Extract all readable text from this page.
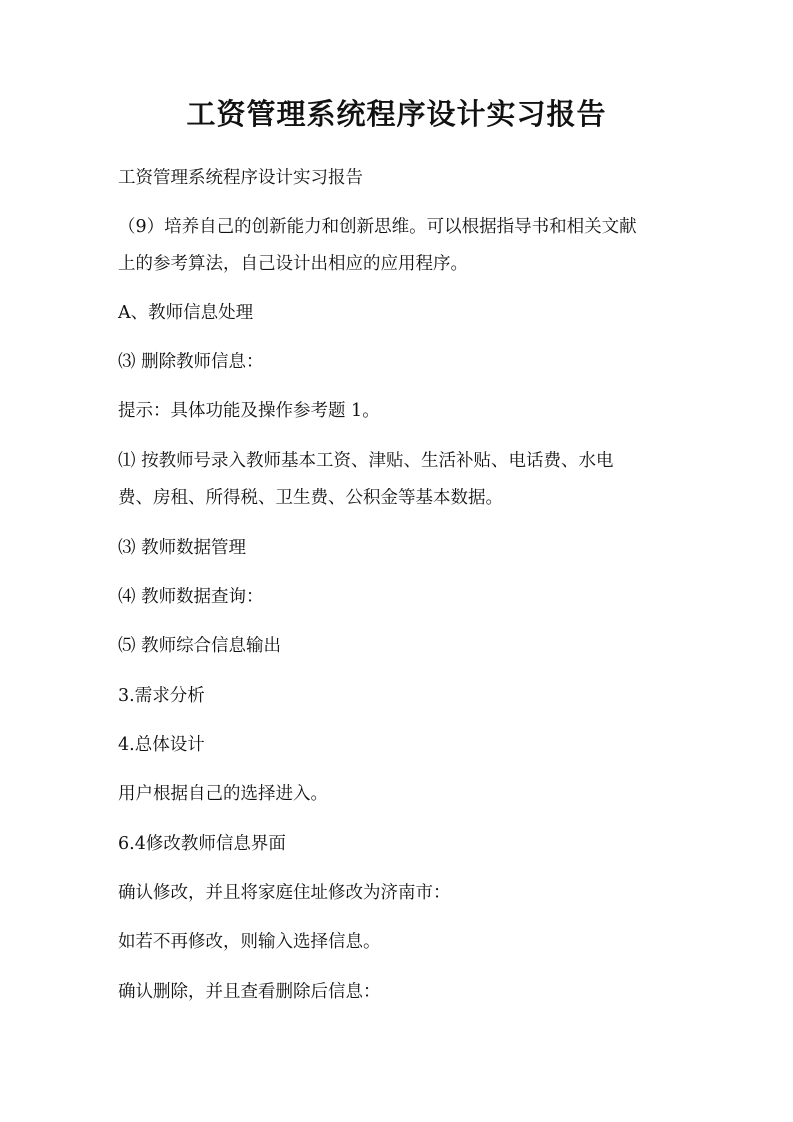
工资管理系统程序设计实习报告
工资管理系统程序设计实习报告
（9）培养自己的创新能力和创新思维。可以根据指导书和相关文献
上的参考算法，自己设计出相应的应用程序。
A、教师信息处理
⑶ 删除教师信息：
提示：具体功能及操作参考题 1。
⑴ 按教师号录入教师基本工资、津贴、生活补贴、电话费、水电
费、房租、所得税、卫生费、公积金等基本数据。
⑶ 教师数据管理
⑷ 教师数据查询：
⑸ 教师综合信息输出
3.需求分析
4.总体设计
用户根据自己的选择进入。
6.4修改教师信息界面
确认修改，并且将家庭住址修改为济南市：
如若不再修改，则输入选择信息。
确认删除，并且查看删除后信息：
